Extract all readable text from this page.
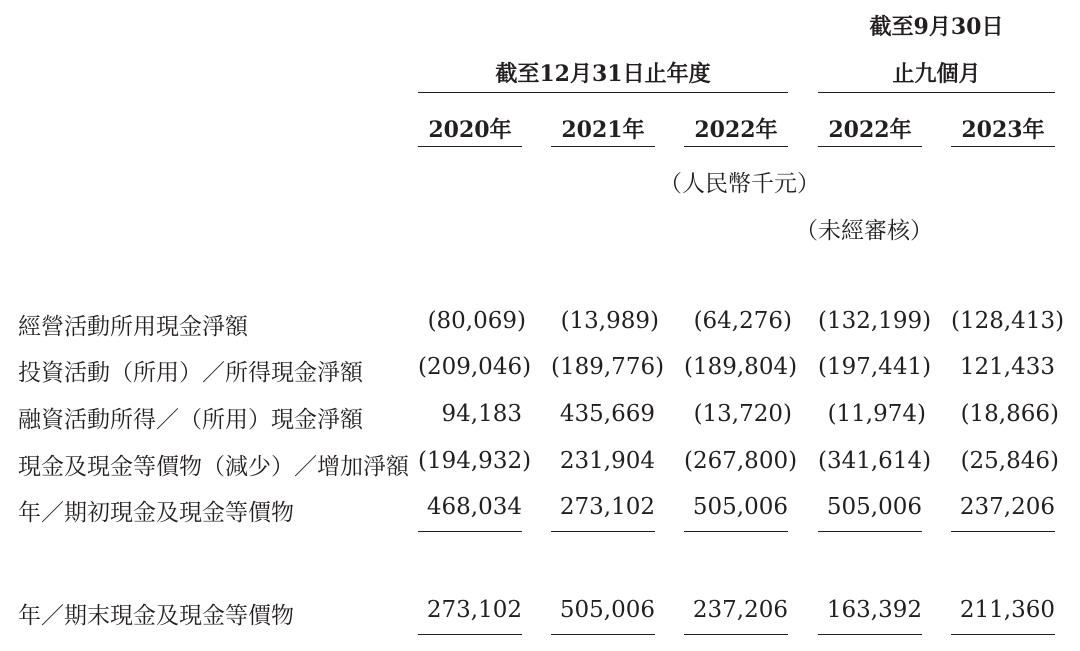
截至12月31日止年度
截至9月30日
止九個月
2020年	2021年	2022年	2022年	2023年
（人民幣千元）
（未經審核）
經營活動所用現金淨額	(80,069)	(13,989)	(64,276) (132,199) (128,413)
投資活動（所用）／所得現金淨額 (209,046) (189,776) (189,804) (197,441)	121,433
融資活動所得／（所用）現金淨額	94,183	435,669	(13,720)	(11,974)	(18,866)
現金及現金等價物（減少）／增加淨額 (194,932)	231,904 (267,800) (341,614)	(25,846)
年／期初現金及現金等價物	468,034	273,102	505,006	505,006	237,206
年／期末現金及現金等價物	273,102	505,006	237,206	163,392	211,360
